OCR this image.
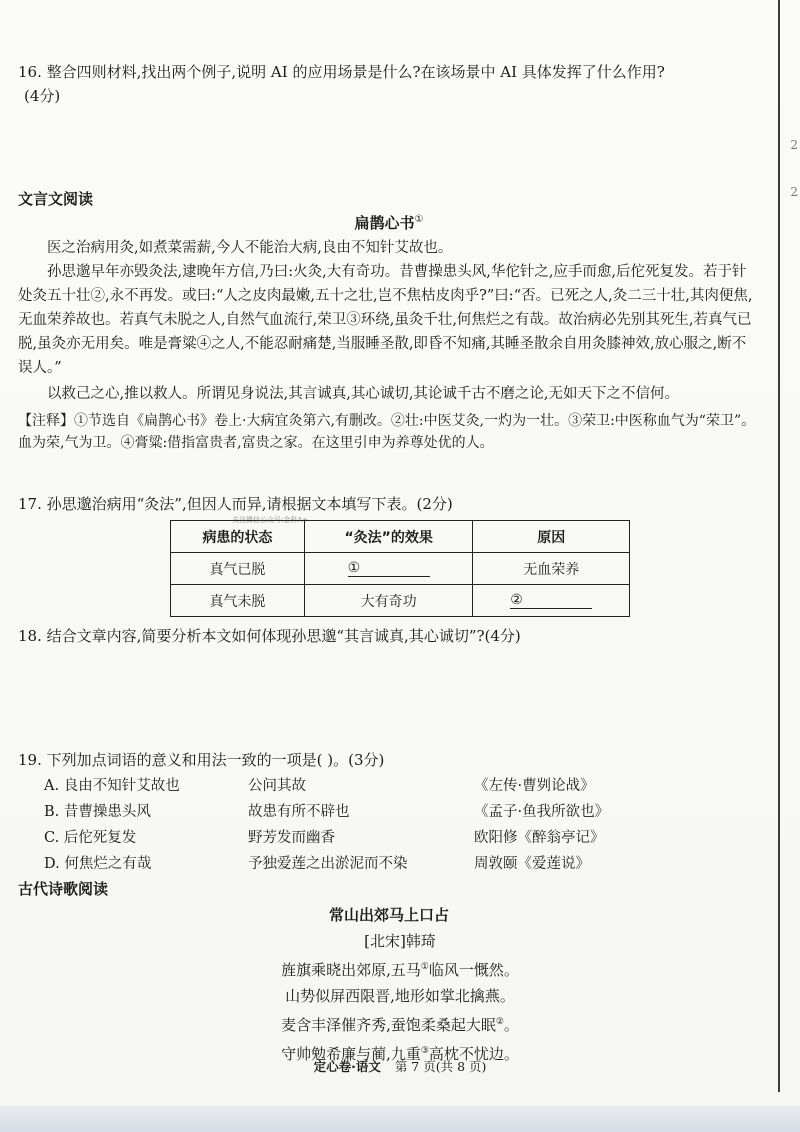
2
2
16. 整合四则材料,找出两个例子,说明 AI 的应用场景是什么?在该场景中 AI 具体发挥了什么作用?
(4分)
文言文阅读
扁鹊心书①

医之治病用灸,如煮菜需薪,今人不能治大病,良由不知针艾故也。

孙思邈早年亦毁灸法,逮晚年方信,乃曰:火灸,大有奇功。昔曹操患头风,华佗针之,应手而愈,后佗死复发。若于针处灸五十壮②,永不再发。或曰:“人之皮肉最嫩,五十之壮,岂不焦枯皮肉乎?”曰:“否。已死之人,灸二三十壮,其肉便焦,无血荣养故也。若真气未脱之人,自然气血流行,荣卫③环绕,虽灸千壮,何焦烂之有哉。故治病必先别其死生,若真气已脱,虽灸亦无用矣。唯是膏粱④之人,不能忍耐痛楚,当服睡圣散,即昏不知痛,其睡圣散余自用灸膝神效,放心服之,断不误人。”

以救己之心,推以救人。所谓见身说法,其言诚真,其心诚切,其论诚千古不磨之论,无如天下之不信何。

【注释】①节选自《扁鹊心书》卷上·大病宜灸第六,有删改。②壮:中医艾灸,一灼为一壮。③荣卫:中医称血气为“荣卫”。血为荣,气为卫。④膏粱:借指富贵者,富贵之家。在这里引申为养尊处优的人。

17. 孙思邈治病用“灸法”,但因人而异,请根据文本填写下表。(2分)
关注微信公众号:金科A+
病患的状态	“灸法”的效果	原因
真气已脱	①	无血荣养
真气未脱	大有奇功	②
18. 结合文章内容,简要分析本文如何体现孙思邈“其言诚真,其心诚切”?(4分)
19. 下列加点词语的意义和用法一致的一项是( )。(3分)
A. 良由不知针艾故也	公问其故	《左传·曹刿论战》
B. 昔曹操患头风	故患有所不辟也	《孟子·鱼我所欲也》
C. 后佗死复发	野芳发而幽香	欧阳修《醉翁亭记》
D. 何焦烂之有哉	予独爱莲之出淤泥而不染	周敦颐《爱莲说》
古代诗歌阅读
常山出郊马上口占
[北宋]韩琦
旌旗乘晓出郊原,五马①临风一慨然。
山势似屏西限晋,地形如掌北擒燕。
麦含丰泽催齐秀,蚕饱柔桑起大眠②。
守帅勉希廉与蔺,九重③高枕不忧边。
定心卷·语文 第 7 页(共 8 页)
